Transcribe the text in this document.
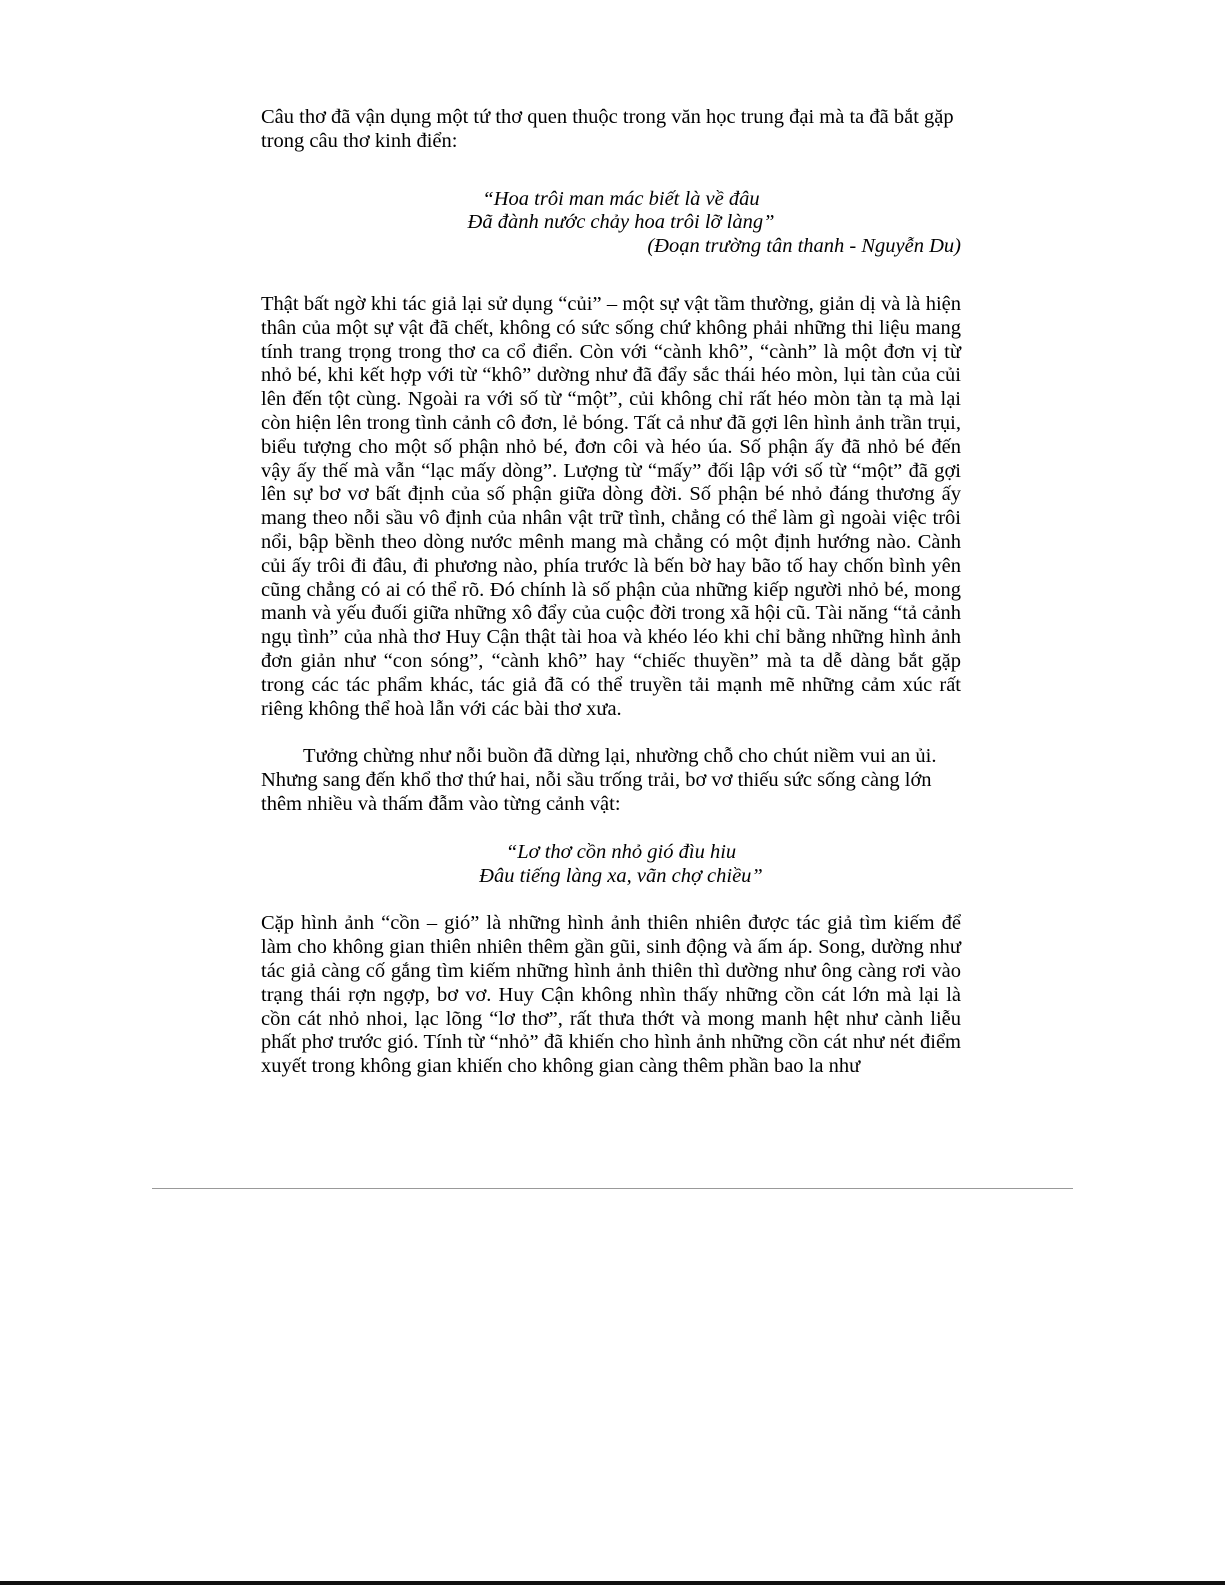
Câu thơ đã vận dụng một tứ thơ quen thuộc trong văn học trung đại mà ta đã bắt gặp trong câu thơ kinh điển:

“Hoa trôi man mác biết là về đâu
Đã đành nước chảy hoa trôi lỡ làng”
(Đoạn trường tân thanh - Nguyễn Du)

Thật bất ngờ khi tác giả lại sử dụng “củi” – một sự vật tầm thường, giản dị và là hiện thân của một sự vật đã chết, không có sức sống chứ không phải những thi liệu mang tính trang trọng trong thơ ca cổ điển. Còn với “cành khô”, “cành” là một đơn vị từ nhỏ bé, khi kết hợp với từ “khô” dường như đã đẩy sắc thái héo mòn, lụi tàn của củi lên đến tột cùng. Ngoài ra với số từ “một”, củi không chỉ rất héo mòn tàn tạ mà lại còn hiện lên trong tình cảnh cô đơn, lẻ bóng. Tất cả như đã gợi lên hình ảnh trần trụi, biểu tượng cho một số phận nhỏ bé, đơn côi và héo úa. Số phận ấy đã nhỏ bé đến vậy ấy thế mà vẫn “lạc mấy dòng”. Lượng từ “mấy” đối lập với số từ “một” đã gợi lên sự bơ vơ bất định của số phận giữa dòng đời. Số phận bé nhỏ đáng thương ấy mang theo nỗi sầu vô định của nhân vật trữ tình, chẳng có thể làm gì ngoài việc trôi nổi, bập bềnh theo dòng nước mênh mang mà chẳng có một định hướng nào. Cành củi ấy trôi đi đâu, đi phương nào, phía trước là bến bờ hay bão tố hay chốn bình yên cũng chẳng có ai có thể rõ. Đó chính là số phận của những kiếp người nhỏ bé, mong manh và yếu đuối giữa những xô đẩy của cuộc đời trong xã hội cũ. Tài năng “tả cảnh ngụ tình” của nhà thơ Huy Cận thật tài hoa và khéo léo khi chỉ bằng những hình ảnh đơn giản như “con sóng”, “cành khô” hay “chiếc thuyền” mà ta dễ dàng bắt gặp trong các tác phẩm khác, tác giả đã có thể truyền tải mạnh mẽ những cảm xúc rất riêng không thể hoà lẫn với các bài thơ xưa.

Tưởng chừng như nỗi buồn đã dừng lại, nhường chỗ cho chút niềm vui an ủi. Nhưng sang đến khổ thơ thứ hai, nỗi sầu trống trải, bơ vơ thiếu sức sống càng lớn thêm nhiều và thấm đẫm vào từng cảnh vật:

“Lơ thơ cồn nhỏ gió đìu hiu
Đâu tiếng làng xa, vãn chợ chiều”

Cặp hình ảnh “cồn – gió” là những hình ảnh thiên nhiên được tác giả tìm kiếm để làm cho không gian thiên nhiên thêm gần gũi, sinh động và ấm áp. Song, dường như tác giả càng cố gắng tìm kiếm những hình ảnh thiên thì dường như ông càng rơi vào trạng thái rợn ngợp, bơ vơ. Huy Cận không nhìn thấy những cồn cát lớn mà lại là cồn cát nhỏ nhoi, lạc lõng “lơ thơ”, rất thưa thớt và mong manh hệt như cành liễu phất phơ trước gió. Tính từ “nhỏ” đã khiến cho hình ảnh những cồn cát như nét điểm xuyết trong không gian khiến cho không gian càng thêm phần bao la như
